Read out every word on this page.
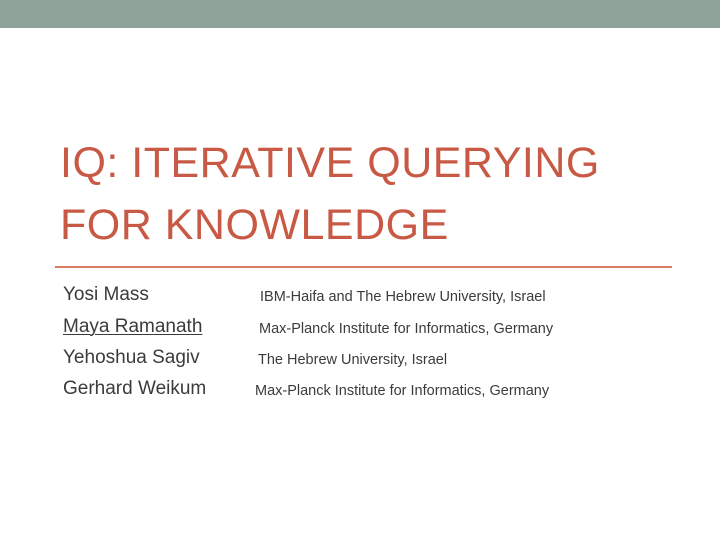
IQ: ITERATIVE QUERYING
FOR KNOWLEDGE
Yosi Mass	IBM-Haifa and The Hebrew University, Israel
Maya Ramanath	Max-Planck Institute for Informatics, Germany
Yehoshua Sagiv	The Hebrew University, Israel
Gerhard Weikum	Max-Planck Institute for Informatics, Germany
